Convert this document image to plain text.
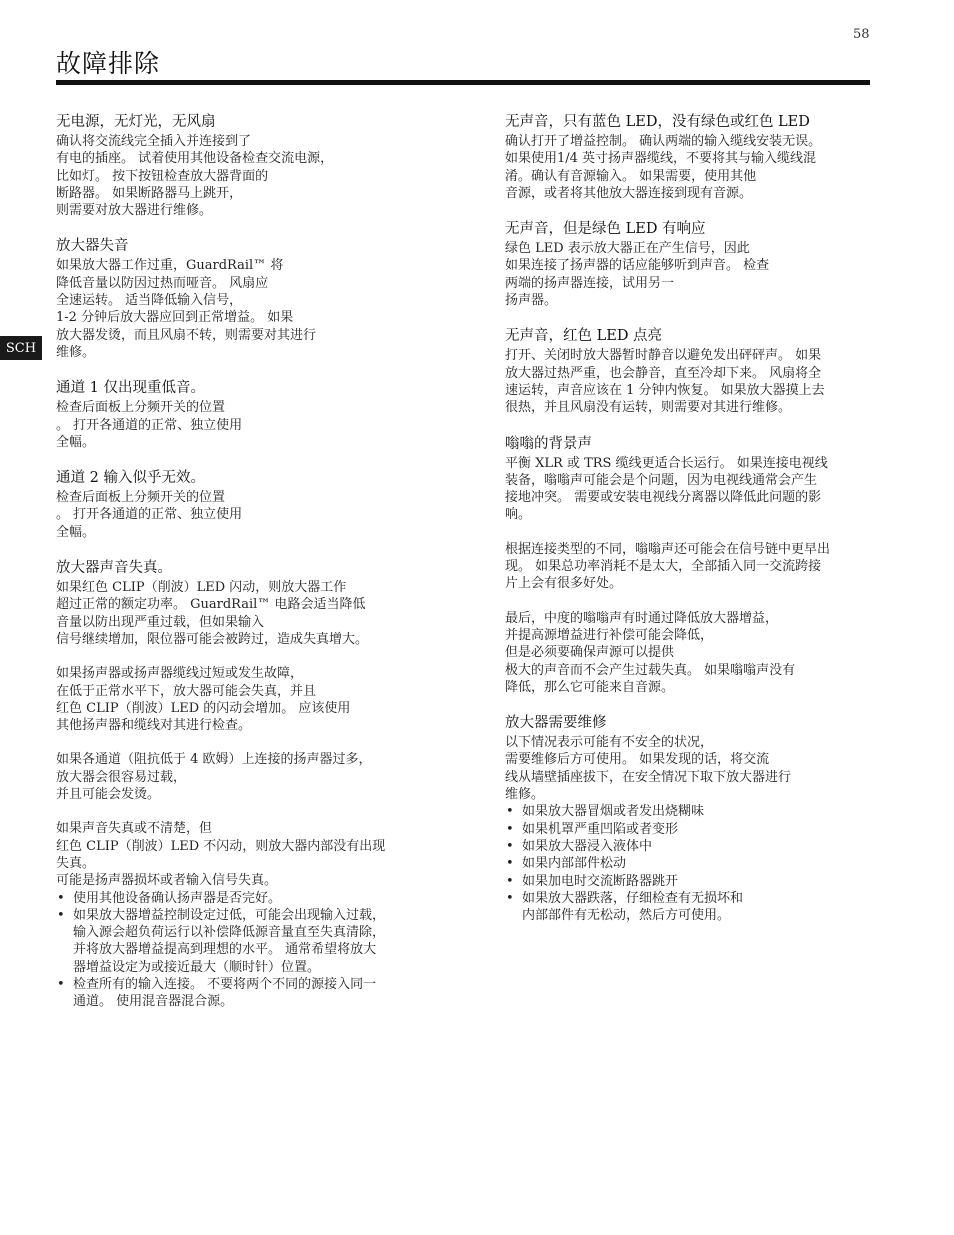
58
故障排除
SCH
无电源，无灯光，无风扇

确认将交流线完全插入并连接到了
有电的插座。 试着使用其他设备检查交流电源，
比如灯。 按下按钮检查放大器背面的
断路器。 如果断路器马上跳开，
则需要对放大器进行维修。

放大器失音

如果放大器工作过重，GuardRail™ 将
降低音量以防因过热而哑音。 风扇应
全速运转。 适当降低输入信号，
1-2 分钟后放大器应回到正常增益。 如果
放大器发烫，而且风扇不转，则需要对其进行
维修。

通道 1 仅出现重低音。

检查后面板上分频开关的位置
。 打开各通道的正常、独立使用
全幅。

通道 2 输入似乎无效。

检查后面板上分频开关的位置
。 打开各通道的正常、独立使用
全幅。

放大器声音失真。

如果红色 CLIP（削波）LED 闪动，则放大器工作
超过正常的额定功率。 GuardRail™ 电路会适当降低
音量以防出现严重过载，但如果输入
信号继续增加，限位器可能会被跨过，造成失真增大。

如果扬声器或扬声器缆线过短或发生故障，
在低于正常水平下，放大器可能会失真，并且
红色 CLIP（削波）LED 的闪动会增加。 应该使用
其他扬声器和缆线对其进行检查。

如果各通道（阻抗低于 4 欧姆）上连接的扬声器过多，
放大器会很容易过载，
并且可能会发烫。

如果声音失真或不清楚，但
红色 CLIP（削波）LED 不闪动，则放大器内部没有出现
失真。
可能是扬声器损坏或者输入信号失真。

• 使用其他设备确认扬声器是否完好。
• 如果放大器增益控制设定过低，可能会出现输入过载，
输入源会超负荷运行以补偿降低源音量直至失真清除，
并将放大器增益提高到理想的水平。 通常希望将放大
器增益设定为或接近最大（顺时针）位置。
• 检查所有的输入连接。 不要将两个不同的源接入同一
通道。 使用混音器混合源。
无声音，只有蓝色 LED，没有绿色或红色 LED

确认打开了增益控制。 确认两端的输入缆线安装无误。
如果使用1/4 英寸扬声器缆线，不要将其与输入缆线混
淆。确认有音源输入。 如果需要，使用其他
音源，或者将其他放大器连接到现有音源。

无声音，但是绿色 LED 有响应

绿色 LED 表示放大器正在产生信号，因此
如果连接了扬声器的话应能够听到声音。 检查
两端的扬声器连接，试用另一
扬声器。

无声音，红色 LED 点亮

打开、关闭时放大器暂时静音以避免发出砰砰声。 如果
放大器过热严重，也会静音，直至冷却下来。 风扇将全
速运转，声音应该在 1 分钟内恢复。 如果放大器摸上去
很热，并且风扇没有运转，则需要对其进行维修。

嗡嗡的背景声

平衡 XLR 或 TRS 缆线更适合长运行。 如果连接电视线
装备，嗡嗡声可能会是个问题，因为电视线通常会产生
接地冲突。 需要或安装电视线分离器以降低此问题的影
响。

根据连接类型的不同，嗡嗡声还可能会在信号链中更早出
现。 如果总功率消耗不是太大，全部插入同一交流跨接
片上会有很多好处。

最后，中度的嗡嗡声有时通过降低放大器增益，
并提高源增益进行补偿可能会降低，
但是必须要确保声源可以提供
极大的声音而不会产生过载失真。 如果嗡嗡声没有
降低，那么它可能来自音源。

放大器需要维修

以下情况表示可能有不安全的状况，
需要维修后方可使用。 如果发现的话，将交流
线从墙壁插座拔下，在安全情况下取下放大器进行
维修。

• 如果放大器冒烟或者发出烧糊味
• 如果机罩严重凹陷或者变形
• 如果放大器浸入液体中
• 如果内部部件松动
• 如果加电时交流断路器跳开
• 如果放大器跌落，仔细检查有无损坏和
内部部件有无松动，然后方可使用。
